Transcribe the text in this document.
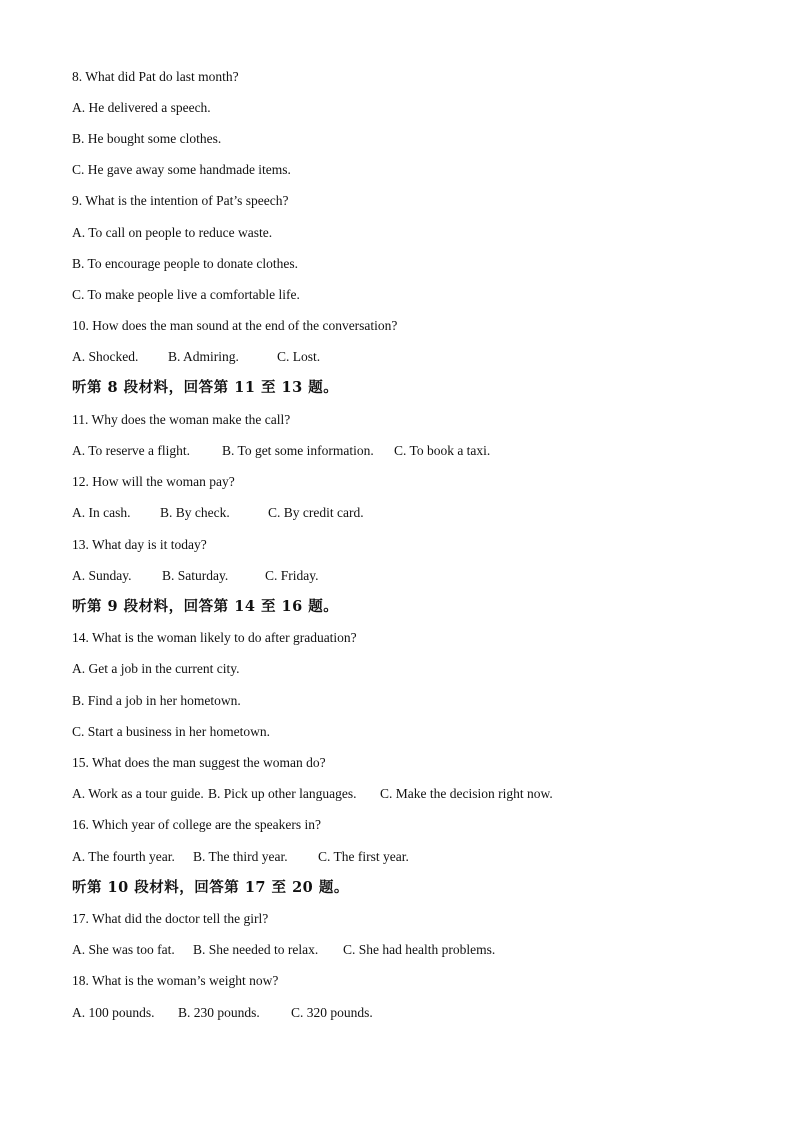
8. What did Pat do last month?
A. He delivered a speech.
B. He bought some clothes.
C. He gave away some handmade items.
9. What is the intention of Pat’s speech?
A. To call on people to reduce waste.
B. To encourage people to donate clothes.
C. To make people live a comfortable life.
10. How does the man sound at the end of the conversation?
A. Shocked. B. Admiring.	C. Lost.
听第 8 段材料，回答第 11 至 13 题。
11. Why does the woman make the call?
A. To reserve a flight. B. To get some information. C. To book a taxi.
12. How will the woman pay?
A. In cash. B. By check.	C. By credit card.
13. What day is it today?
A. Sunday. B. Saturday.	C. Friday.
听第 9 段材料，回答第 14 至 16 题。
14. What is the woman likely to do after graduation?
A. Get a job in the current city.
B. Find a job in her hometown.
C. Start a business in her hometown.
15. What does the man suggest the woman do?
A. Work as a tour guide. B. Pick up other languages. C. Make the decision right now.
16. Which year of college are the speakers in?
A. The fourth year. B. The third year. C. The first year.
听第 10 段材料，回答第 17 至 20 题。
17. What did the doctor tell the girl?
A. She was too fat. B. She needed to relax. C. She had health problems.
18. What is the woman’s weight now?
A. 100 pounds. B. 230 pounds. C. 320 pounds.
